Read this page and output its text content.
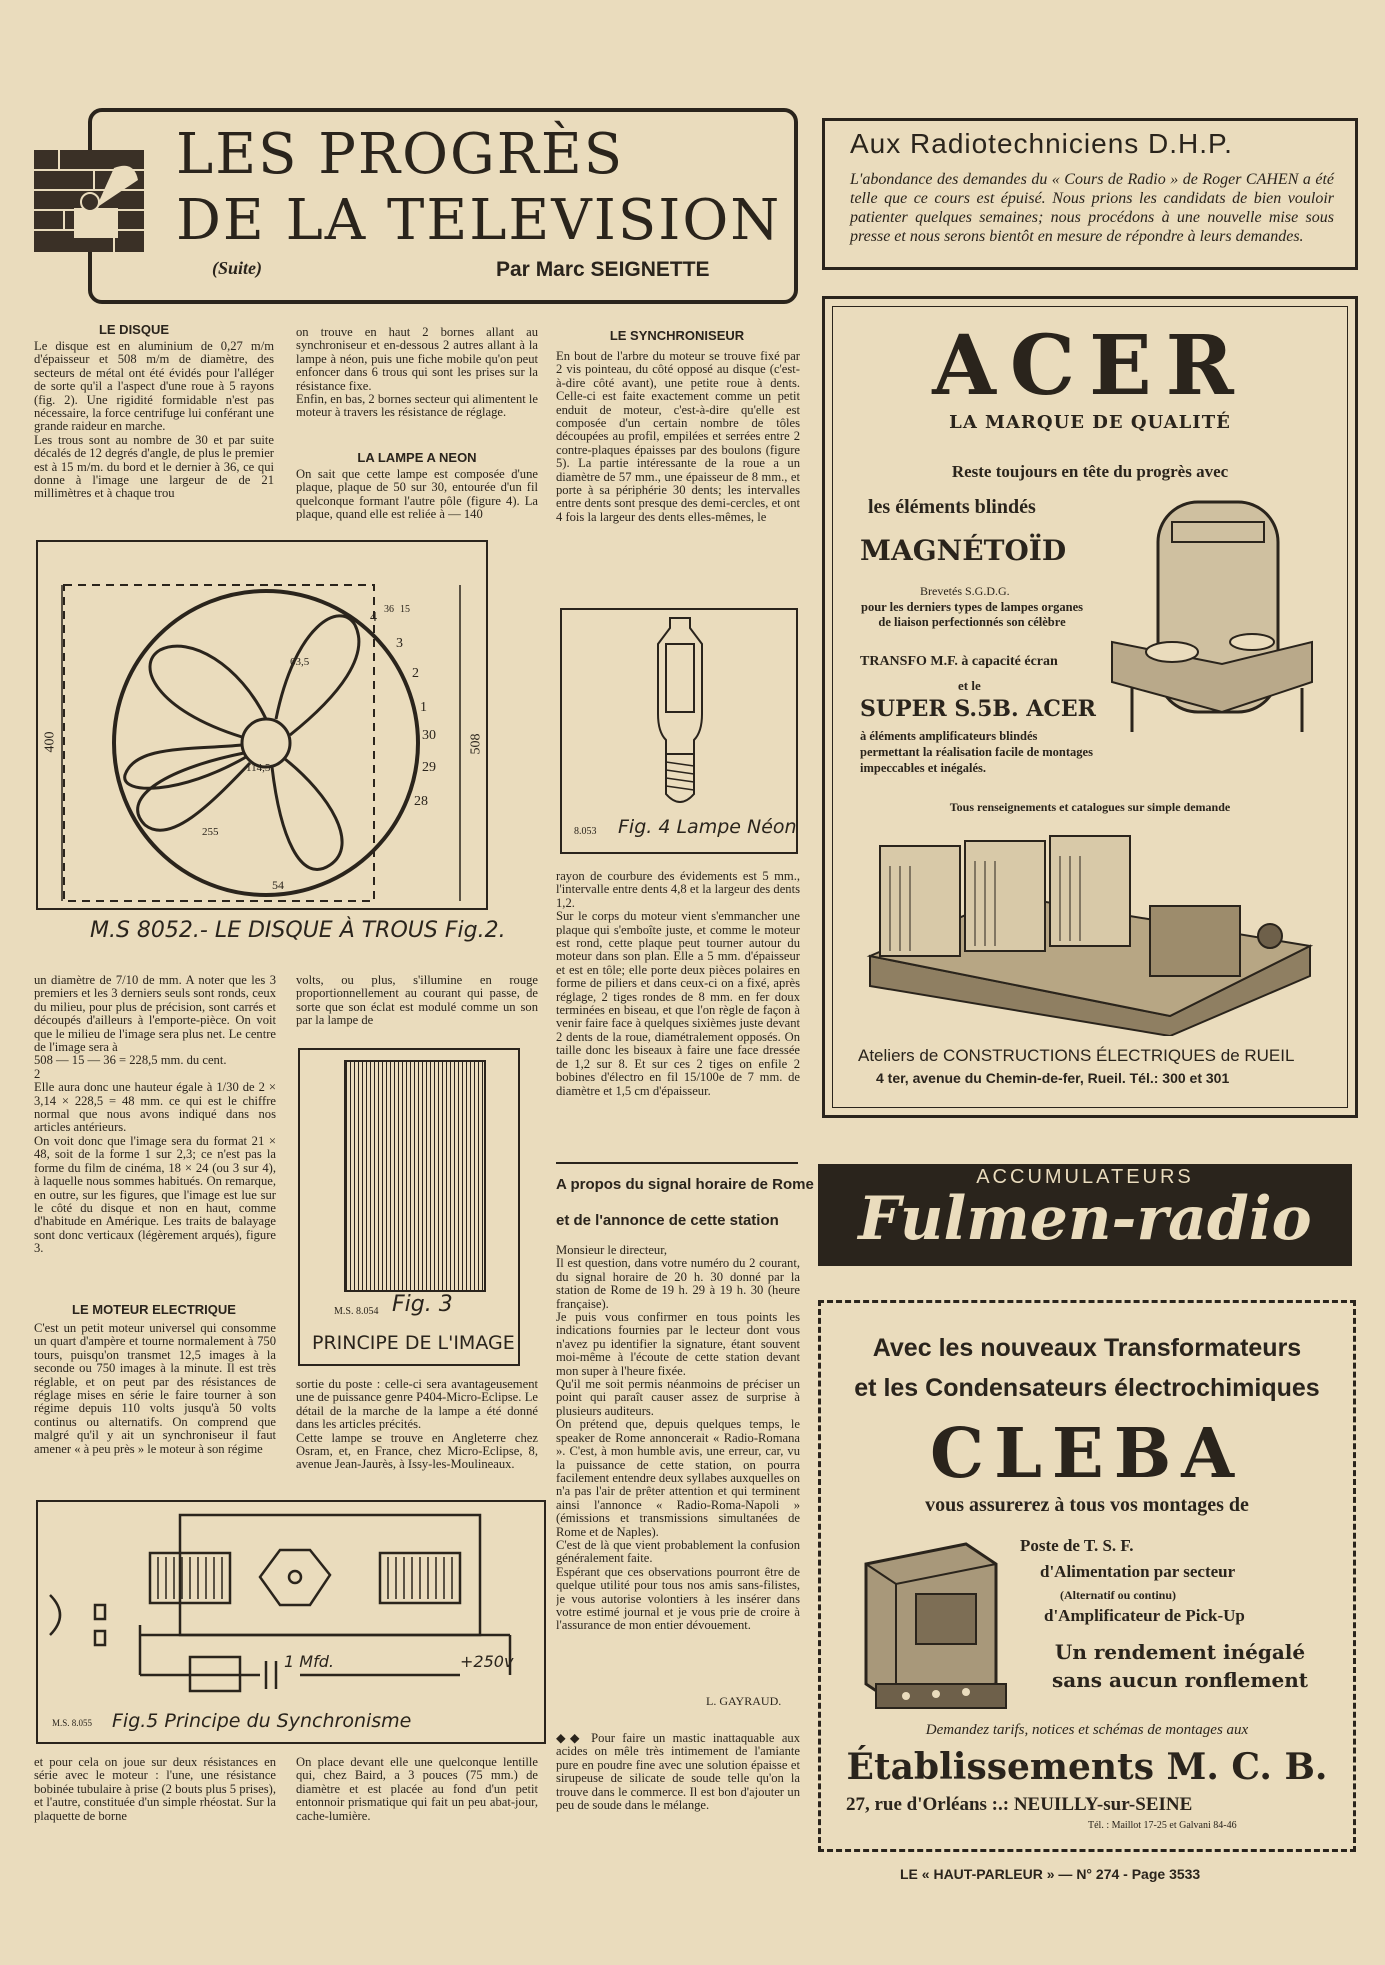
LES PROGRÈS
DE LA TELEVISION
(Suite)	Par Marc SEIGNETTE
Aux Radiotechniciens D.H.P.
L'abondance des demandes du « Cours de Radio » de Roger CAHEN a été telle que ce cours est épuisé. Nous prions les candidats de bien vouloir patienter quelques semaines; nous procédons à une nouvelle mise sous presse et nous serons bientôt en mesure de répondre à leurs demandes.
LE DISQUE
Le disque est en aluminium de 0,27 m/m d'épaisseur et 508 m/m de diamètre, des secteurs de métal ont été évidés pour l'alléger de sorte qu'il a l'aspect d'une roue à 5 rayons (fig. 2). Une rigidité formidable n'est pas nécessaire, la force centrifuge lui conférant une grande raideur en marche.
Les trous sont au nombre de 30 et par suite décalés de 12 degrés d'angle, de plus le premier est à 15 m/m. du bord et le dernier à 36, ce qui donne à l'image une largeur de de 21 millimètres et à chaque trou
on trouve en haut 2 bornes allant au synchroniseur et en-dessous 2 autres allant à la lampe à néon, puis une fiche mobile qu'on peut enfoncer dans 6 trous qui sont les prises sur la résistance fixe.
Enfin, en bas, 2 bornes secteur qui alimentent le moteur à travers les résistance de réglage.
LA LAMPE A NEON
On sait que cette lampe est composée d'une plaque, plaque de 50 sur 30, entourée d'un fil quelconque formant l'autre pôle (figure 4). La plaque, quand elle est reliée à — 140
400	508
4
3
2
1
30
29
28
54
255
63,5
114,5
36 15
M.S 8052.- LE DISQUE À TROUS Fig.2.
un diamètre de 7/10 de mm. A noter que les 3 premiers et les 3 derniers seuls sont ronds, ceux du milieu, pour plus de précision, sont carrés et découpés d'ailleurs à l'emporte-pièce. On voit que le milieu de l'image sera plus net. Le centre de l'image sera à
508 — 15 — 36 = 228,5 mm. du cent.
2
Elle aura donc une hauteur égale à 1/30 de 2 × 3,14 × 228,5 = 48 mm. ce qui est le chiffre normal que nous avons indiqué dans nos articles antérieurs.
On voit donc que l'image sera du format 21 × 48, soit de la forme 1 sur 2,3; ce n'est pas la forme du film de cinéma, 18 × 24 (ou 3 sur 4), à laquelle nous sommes habitués. On remarque, en outre, sur les figures, que l'image est lue sur le côté du disque et non en haut, comme d'habitude en Amérique. Les traits de balayage sont donc verticaux (légèrement arqués), figure 3.
LE MOTEUR ELECTRIQUE
C'est un petit moteur universel qui consomme un quart d'ampère et tourne normalement à 750 tours, puisqu'on transmet 12,5 images à la seconde ou 750 images à la minute. Il est très réglable, et on peut par des résistances de réglage mises en série le faire tourner à son régime depuis 110 volts jusqu'à 50 volts continus ou alternatifs. On comprend que malgré qu'il y ait un synchroniseur il faut amener « à peu près » le moteur à son régime
volts, ou plus, s'illumine en rouge proportionnellement au courant qui passe, de sorte que son éclat est modulé comme un son par la lampe de
M.S. 8.054 Fig. 3
PRINCIPE DE L'IMAGE
sortie du poste : celle-ci sera avantageusement une de puissance genre P404-Micro-Eclipse. Le détail de la marche de la lampe a été donné dans les articles précités.
Cette lampe se trouve en Angleterre chez Osram, et, en France, chez Micro-Eclipse, 8, avenue Jean-Jaurès, à Issy-les-Moulineaux.
1 Mfd.	+250v
M.S. 8.055 Fig.5 Principe du Synchronisme
et pour cela on joue sur deux résistances en série avec le moteur : l'une, une résistance bobinée tubulaire à prise (2 bouts plus 5 prises), et l'autre, constituée d'un simple rhéostat. Sur la plaquette de borne
On place devant elle une quelconque lentille qui, chez Baird, a 3 pouces (75 mm.) de diamètre et est placée au fond d'un petit entonnoir prismatique qui fait un peu abat-jour, cache-lumière.
LE SYNCHRONISEUR
En bout de l'arbre du moteur se trouve fixé par 2 vis pointeau, du côté opposé au disque (c'est-à-dire côté avant), une petite roue à dents. Celle-ci est faite exactement comme un petit enduit de moteur, c'est-à-dire qu'elle est composée d'un certain nombre de tôles découpées au profil, empilées et serrées entre 2 contre-plaques épaisses par des boulons (figure 5). La partie intéressante de la roue a un diamètre de 57 mm., une épaisseur de 8 mm., et porte à sa périphérie 30 dents; les intervalles entre dents sont presque des demi-cercles, et ont 4 fois la largeur des dents elles-mêmes, le
8.053 Fig. 4 Lampe Néon
rayon de courbure des évidements est 5 mm., l'intervalle entre dents 4,8 et la largeur des dents 1,2.
Sur le corps du moteur vient s'emmancher une plaque qui s'emboîte juste, et comme le moteur est rond, cette plaque peut tourner autour du moteur dans son plan. Elle a 5 mm. d'épaisseur et est en tôle; elle porte deux pièces polaires en forme de piliers et dans ceux-ci on a fixé, après réglage, 2 tiges rondes de 8 mm. en fer doux terminées en biseau, et que l'on règle de façon à venir faire face à quelques sixièmes juste devant 2 dents de la roue, diamétralement opposés. On taille donc les biseaux à faire une face dressée de 1,2 sur 8. Et sur ces 2 tiges on enfile 2 bobines d'électro en fil 15/100e de 7 mm. de diamètre et 1,5 cm d'épaisseur.
A propos du signal horaire de Rome
et de l'annonce de cette station
Monsieur le directeur,
Il est question, dans votre numéro du 2 courant, du signal horaire de 20 h. 30 donné par la station de Rome de 19 h. 29 à 19 h. 30 (heure française).
Je puis vous confirmer en tous points les indications fournies par le lecteur dont vous n'avez pu identifier la signature, étant souvent moi-même à l'écoute de cette station devant mon super à l'heure fixée.
Qu'il me soit permis néanmoins de préciser un point qui paraît causer assez de surprise à plusieurs auditeurs.
On prétend que, depuis quelques temps, le speaker de Rome annoncerait « Radio-Romana ». C'est, à mon humble avis, une erreur, car, vu la puissance de cette station, on pourra facilement entendre deux syllabes auxquelles on n'a pas l'air de prêter attention et qui terminent ainsi l'annonce « Radio-Roma-Napoli » (émissions et transmissions simultanées de Rome et de Naples).
C'est de là que vient probablement la confusion généralement faite.
Espérant que ces observations pourront être de quelque utilité pour tous nos amis sans-filistes, je vous autorise volontiers à les insérer dans votre estimé journal et je vous prie de croire à l'assurance de mon entier dévouement.
L. GAYRAUD.
◆◆ Pour faire un mastic inattaquable aux acides on mêle très intimement de l'amiante pure en poudre fine avec une solution épaisse et sirupeuse de silicate de soude telle qu'on la trouve dans le commerce. Il est bon d'ajouter un peu de soude dans le mélange.
ACER
LA MARQUE DE QUALITÉ
Reste toujours en tête du progrès avec
les éléments blindés
MAGNÉTOÏD
Brevetés S.G.D.G.
pour les derniers types de lampes organes de liaison perfectionnés son célèbre
TRANSFO M.F. à capacité écran
et le
SUPER S.5B. ACER
à éléments amplificateurs blindés permettant la réalisation facile de montages impeccables et inégalés.
Tous renseignements et catalogues sur simple demande
Ateliers de CONSTRUCTIONS ÉLECTRIQUES de RUEIL
4 ter, avenue du Chemin-de-fer, Rueil. Tél.: 300 et 301
ACCUMULATEURS
Fulmen-radio
Avec les nouveaux Transformateurs
et les Condensateurs électrochimiques
CLEBA
vous assurerez à tous vos montages de
Poste de T. S. F.
d'Alimentation par secteur
(Alternatif ou continu)
d'Amplificateur de Pick-Up
Un rendement inégalé
sans aucun ronflement
Demandez tarifs, notices et schémas de montages aux
Établissements M. C. B.
27, rue d'Orléans :.: NEUILLY-sur-SEINE
Tél. : Maillot 17-25 et Galvani 84-46
LE « HAUT-PARLEUR » — N° 274 - Page 3533
